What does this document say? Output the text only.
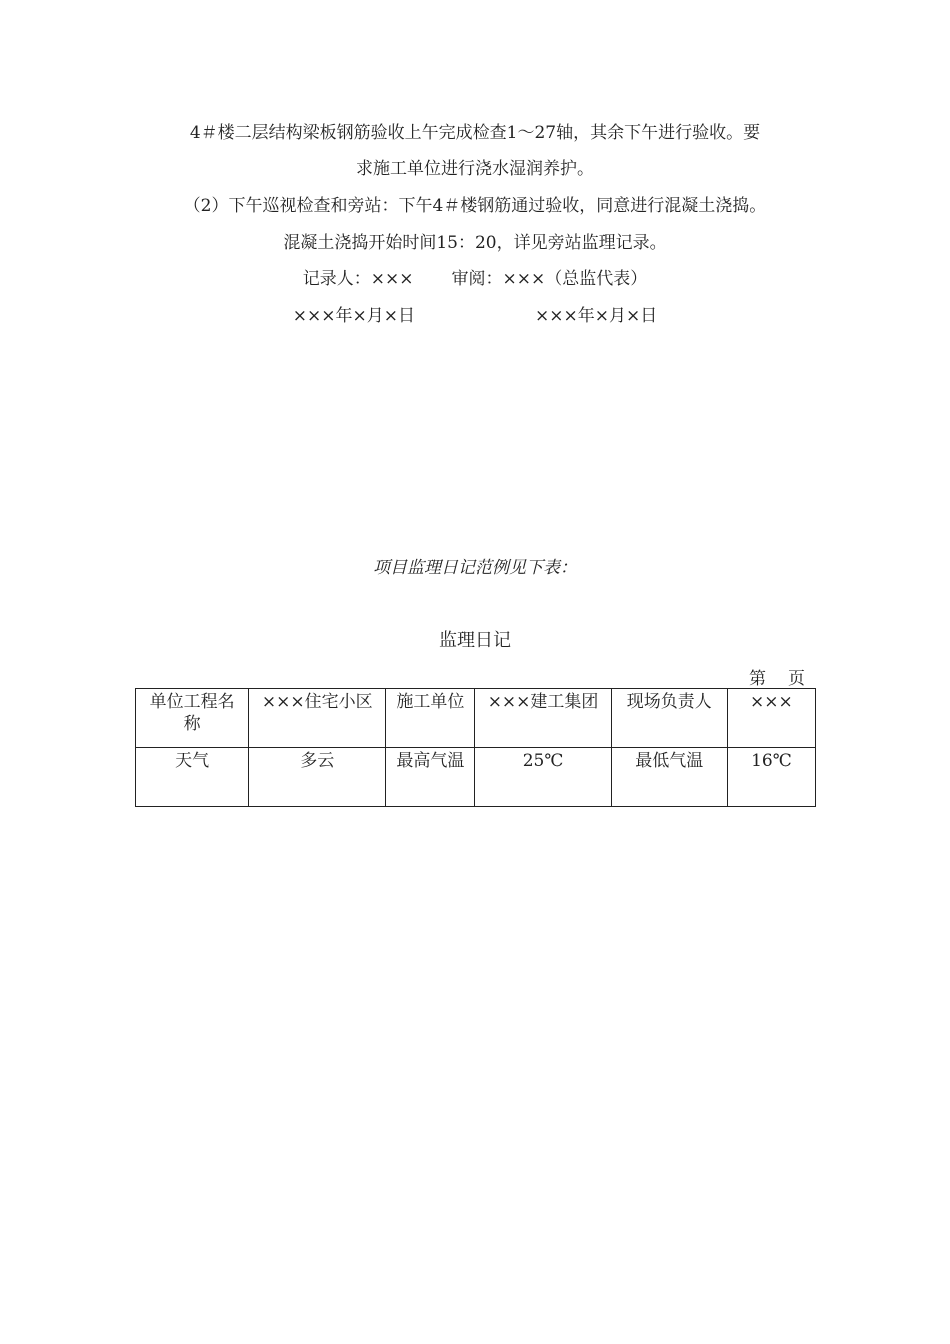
4＃楼二层结构梁板钢筋验收上午完成检查1～27轴，其余下午进行验收。要
求施工单位进行浇水湿润养护。
（2）下午巡视检查和旁站：下午4＃楼钢筋通过验收，同意进行混凝土浇捣。
混凝土浇捣开始时间15：20，详见旁站监理记录。
记录人：××× 审阅：×××（总监代表）
×××年×月×日	×××年×月×日
项目监理日记范例见下表：
监理日记
第 页
单位工程名称	×××住宅小区	施工单位	×××建工集团	现场负责人	×××
天气	多云	最高气温	25℃	最低气温	16℃
